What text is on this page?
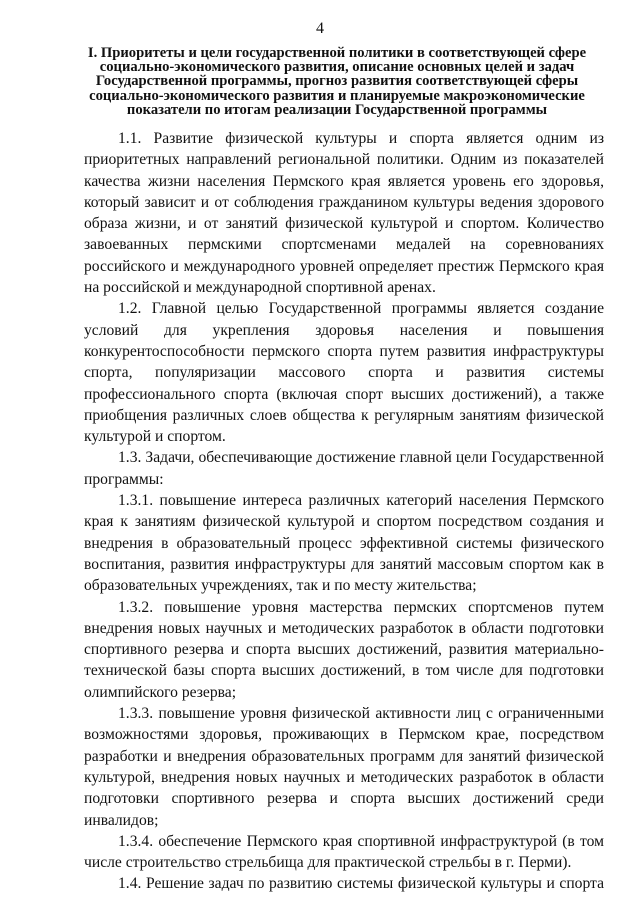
4
I. Приоритеты и цели государственной политики в соответствующей сфере социально-экономического развития, описание основных целей и задач Государственной программы, прогноз развития соответствующей сферы социально-экономического развития и планируемые макроэкономические показатели по итогам реализации Государственной программы

1.1. Развитие физической культуры и спорта является одним из приоритетных направлений региональной политики. Одним из показателей качества жизни населения Пермского края является уровень его здоровья, который зависит и от соблюдения гражданином культуры ведения здорового образа жизни, и от занятий физической культурой и спортом. Количество завоеванных пермскими спортсменами медалей на соревнованиях российского и международного уровней определяет престиж Пермского края на российской и международной спортивной аренах.

1.2. Главной целью Государственной программы является создание условий для укрепления здоровья населения и повышения конкурентоспособности пермского спорта путем развития инфраструктуры спорта, популяризации массового спорта и развития системы профессионального спорта (включая спорт высших достижений), а также приобщения различных слоев общества к регулярным занятиям физической культурой и спортом.

1.3. Задачи, обеспечивающие достижение главной цели Государственной программы:

1.3.1. повышение интереса различных категорий населения Пермского края к занятиям физической культурой и спортом посредством создания и внедрения в образовательный процесс эффективной системы физического воспитания, развития инфраструктуры для занятий массовым спортом как в образовательных учреждениях, так и по месту жительства;

1.3.2. повышение уровня мастерства пермских спортсменов путем внедрения новых научных и методических разработок в области подготовки спортивного резерва и спорта высших достижений, развития материально-технической базы спорта высших достижений, в том числе для подготовки олимпийского резерва;

1.3.3. повышение уровня физической активности лиц с ограниченными возможностями здоровья, проживающих в Пермском крае, посредством разработки и внедрения образовательных программ для занятий физической культурой, внедрения новых научных и методических разработок в области подготовки спортивного резерва и спорта высших достижений среди инвалидов;

1.3.4. обеспечение Пермского края спортивной инфраструктурой (в том числе строительство стрельбища для практической стрельбы в г. Перми).

1.4. Решение задач по развитию системы физической культуры и спорта
